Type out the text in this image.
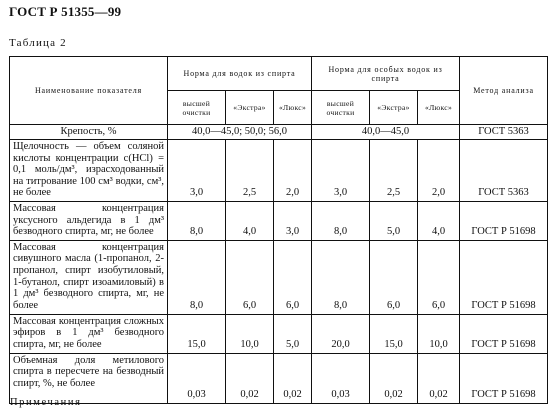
ГОСТ Р 51355—99
Таблица 2
Наименование показателя	Норма для водок из спирта			Норма для особых водок из спирта			Метод анализа
	высшей очистки	«Экстра»	«Люкс»	высшей очистки	«Экстра»	«Люкс»	
Крепость, %	40,0—45,0; 50,0; 56,0			40,0—45,0			ГОСТ 5363
Щелочность — объем соляной кислоты концентрации c(HCl) = 0,1 моль/дм³, израсходованный на титрование 100 см³ водки, см³, не более	3,0	2,5	2,0	3,0	2,5	2,0	ГОСТ 5363
Массовая концентрация уксусного альдегида в 1 дм³ безводного спирта, мг, не более	8,0	4,0	3,0	8,0	5,0	4,0	ГОСТ Р 51698
Массовая концентрация сивушного масла (1-пропанол, 2-пропанол, спирт изобутиловый, 1-бутанол, спирт изоамиловый) в 1 дм³ безводного спирта, мг, не более	8,0	6,0	6,0	8,0	6,0	6,0	ГОСТ Р 51698
Массовая концентрация сложных эфиров в 1 дм³ безводного спирта, мг, не более	15,0	10,0	5,0	20,0	15,0	10,0	ГОСТ Р 51698
Объемная доля метилового спирта в пересчете на безводный спирт, %, не более	0,03	0,02	0,02	0,03	0,02	0,02	ГОСТ Р 51698
Примечания
